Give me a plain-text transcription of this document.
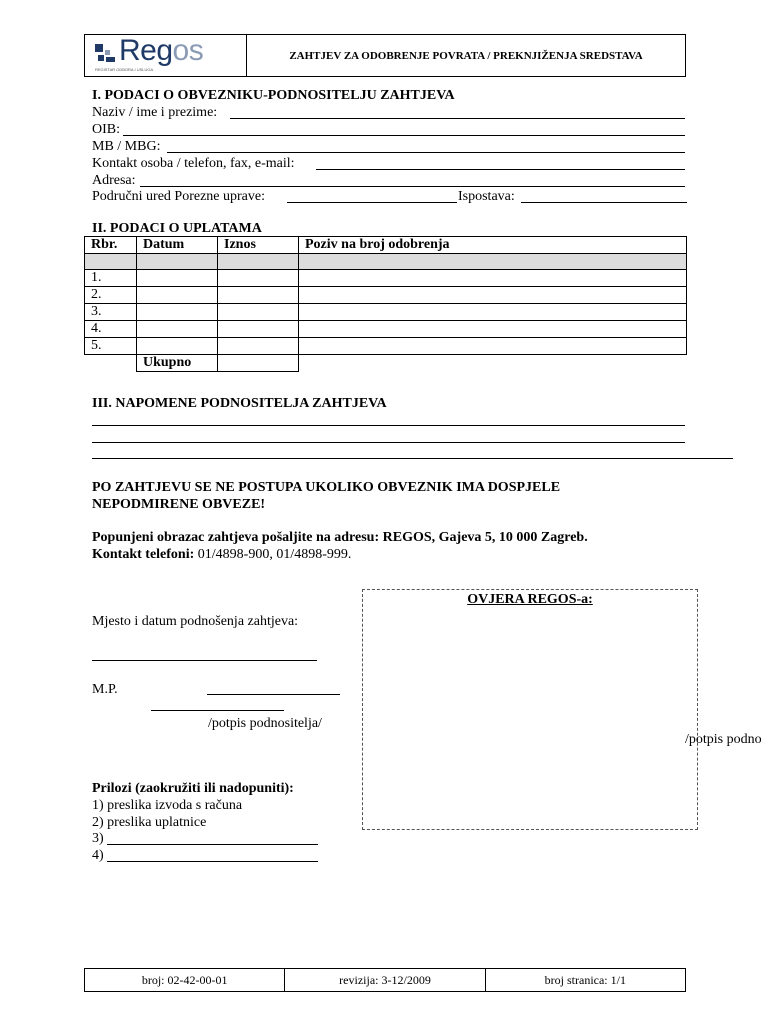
Regos
REGISTAR ODBORA I USLUGA
ZAHTJEV ZA ODOBRENJE POVRATA / PREKNJIŽENJA SREDSTAVA
I. PODACI O OBVEZNIKU-PODNOSITELJU ZAHTJEVA
Naziv / ime i prezime:
OIB:
MB / MBG:
Kontakt osoba / telefon, fax, e-mail:
Adresa:
Područni ured Porezne uprave:	Ispostava:
II. PODACI O UPLATAMA
Rbr.	Datum	Iznos	Poziv na broj odobrenja

1.			
2.			
3.			
4.			
5.			
	Ukupno		
III. NAPOMENE PODNOSITELJA ZAHTJEVA
PO ZAHTJEVU SE NE POSTUPA UKOLIKO OBVEZNIK IMA DOSPJELE
NEPODMIRENE OBVEZE!
Popunjeni obrazac zahtjeva pošaljite na adresu: REGOS, Gajeva 5, 10 000 Zagreb.
Kontakt telefoni: 01/4898-900, 01/4898-999.
Mjesto i datum podnošenja zahtjeva:
M.P.
/potpis podnositelja/
OVJERA REGOS-a:
/potpis podno
Prilozi (zaokružiti ili nadopuniti):
1) preslika izvoda s računa
2) preslika uplatnice
3)
4)
broj: 02-42-00-01	revizija: 3-12/2009	broj stranica: 1/1
